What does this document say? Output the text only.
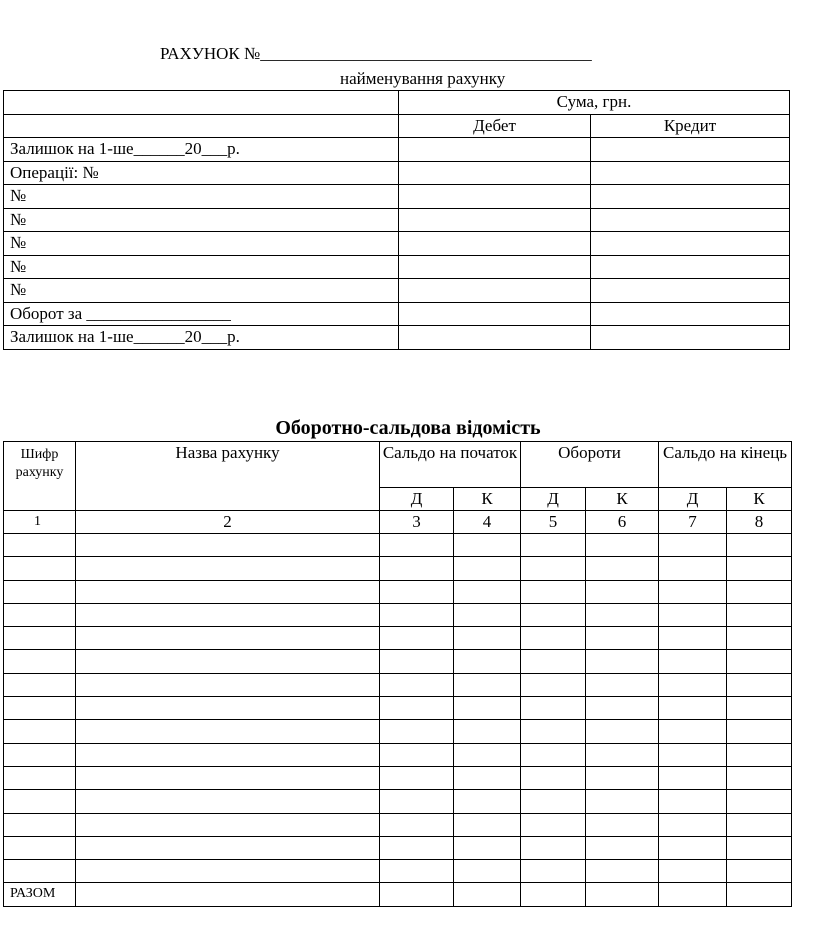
РАХУНОК №_______________________________________
найменування рахунку
	Сума, грн.	
	Дебет	Кредит
Залишок на 1-ше______20___р.		
Операції: №		
№		
№		
№		
№		
№		
Оборот за _________________		
Залишок на 1-ше______20___р.		
Оборотно-сальдова відомість
Шифр рахунку	Назва рахунку	Сальдо на початок		Обороти		Сальдо на кінець	
		Д	К	Д	К	Д	К
1	2	3	4	5	6	7	8

РАЗОМ							
